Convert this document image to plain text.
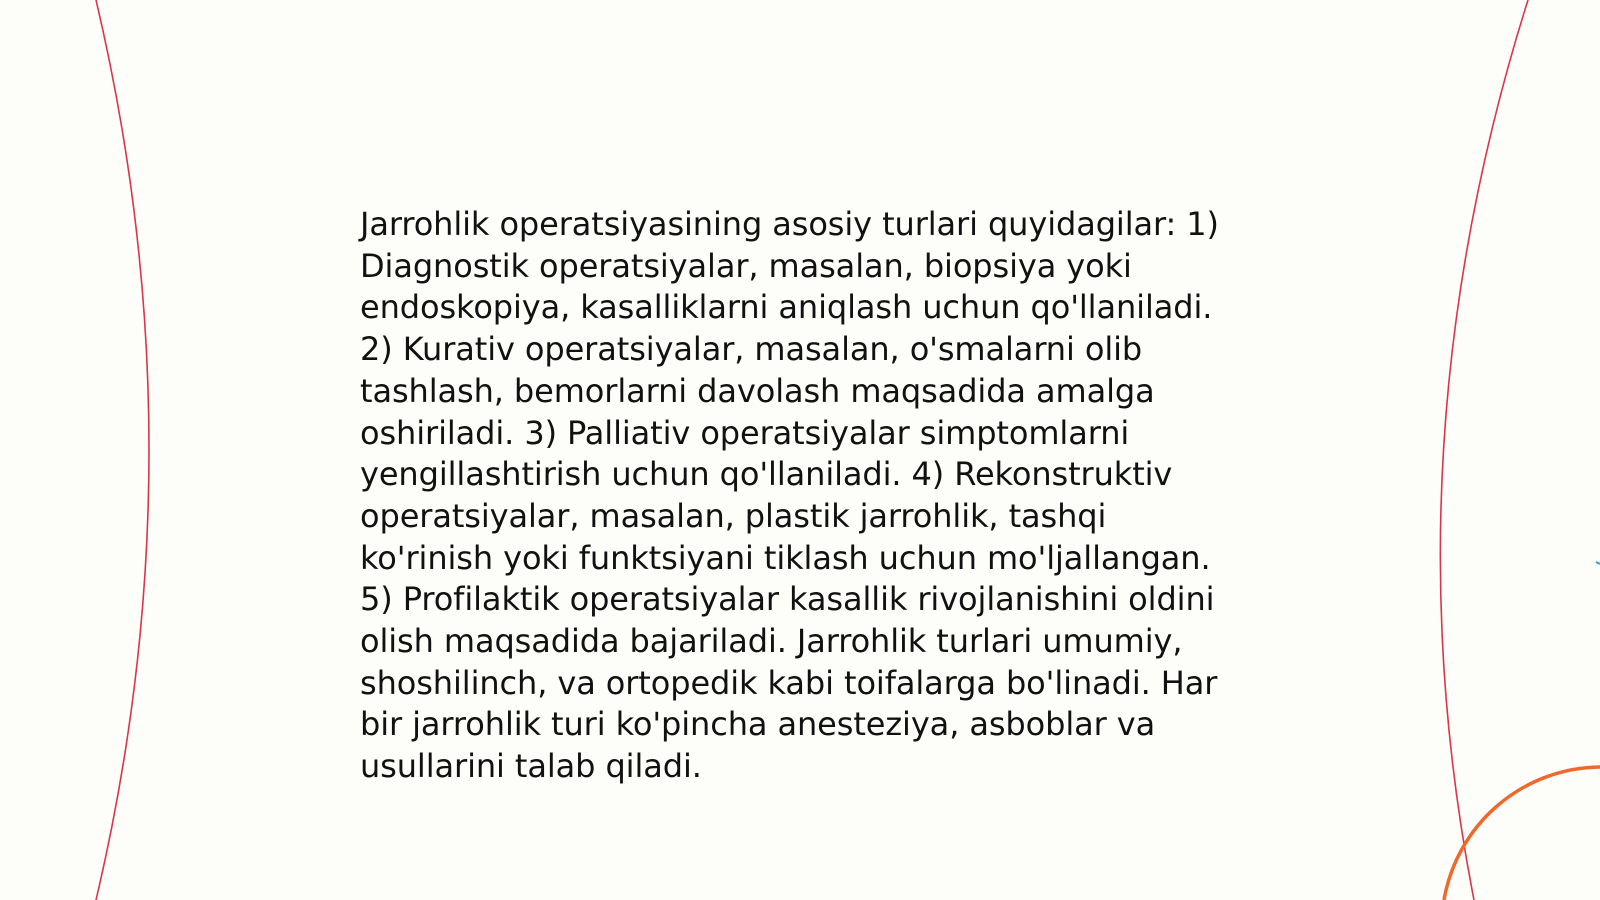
Jarrohlik operatsiyasining asosiy turlari quyidagilar: 1)
Diagnostik operatsiyalar, masalan, biopsiya yoki
endoskopiya, kasalliklarni aniqlash uchun qo'llaniladi.
2) Kurativ operatsiyalar, masalan, o'smalarni olib
tashlash, bemorlarni davolash maqsadida amalga
oshiriladi. 3) Palliativ operatsiyalar simptomlarni
yengillashtirish uchun qo'llaniladi. 4) Rekonstruktiv
operatsiyalar, masalan, plastik jarrohlik, tashqi
ko'rinish yoki funktsiyani tiklash uchun mo'ljallangan.
5) Profilaktik operatsiyalar kasallik rivojlanishini oldini
olish maqsadida bajariladi. Jarrohlik turlari umumiy,
shoshilinch, va ortopedik kabi toifalarga bo'linadi. Har
bir jarrohlik turi ko'pincha anesteziya, asboblar va
usullarini talab qiladi.
